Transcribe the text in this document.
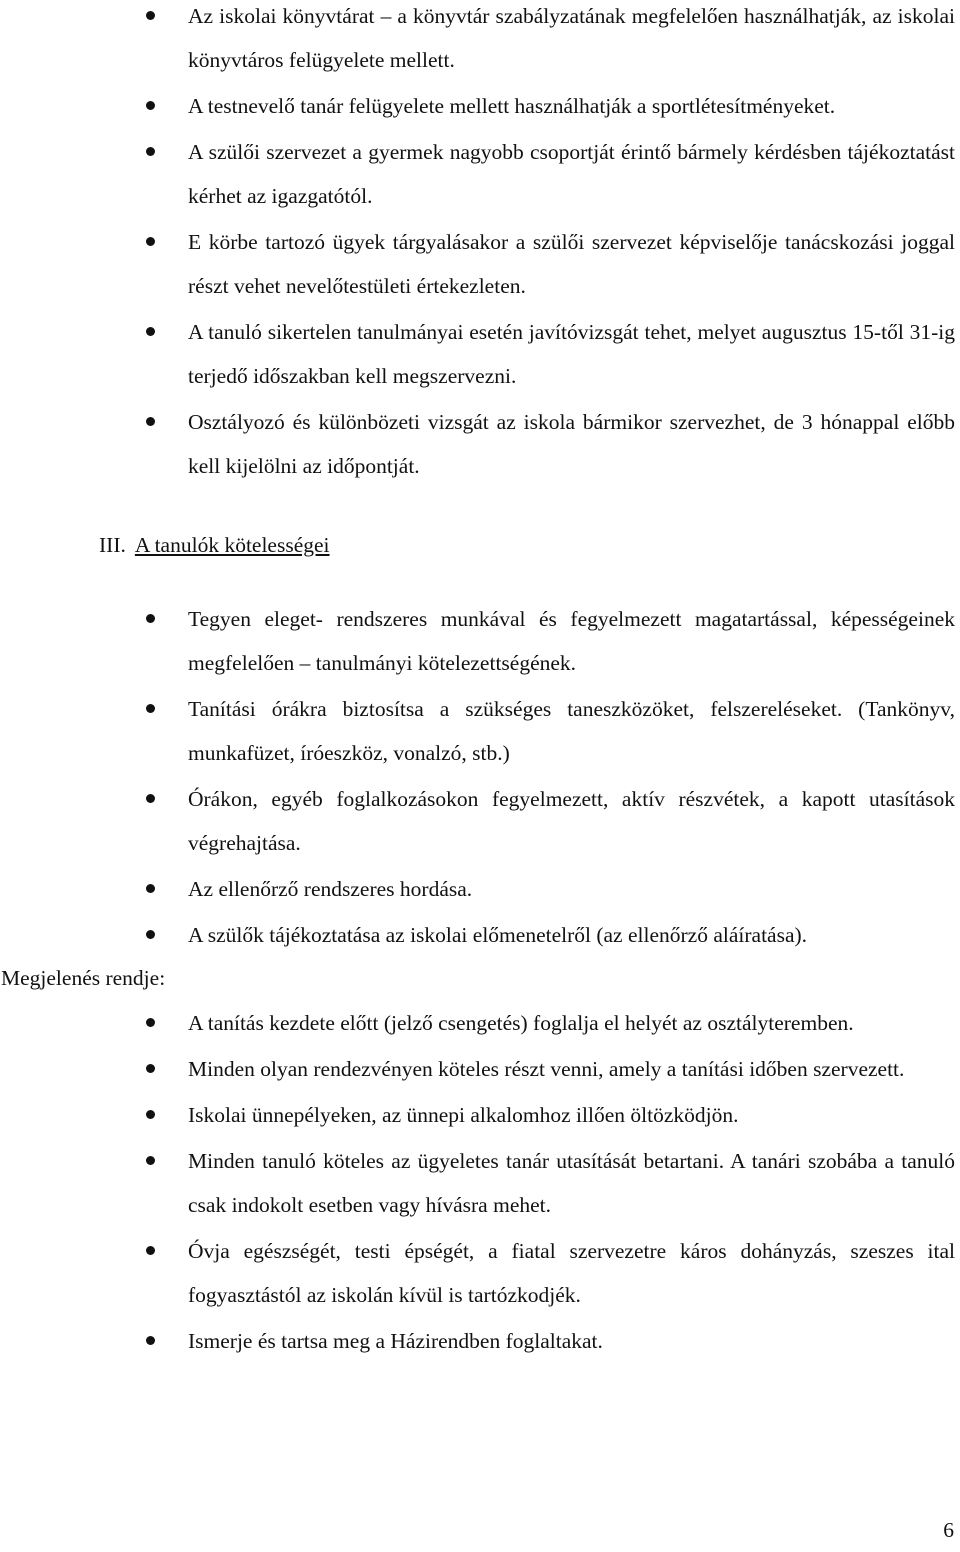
Az iskolai könyvtárat – a könyvtár szabályzatának megfelelően használhatják, az iskolai könyvtáros felügyelete mellett.
A testnevelő tanár felügyelete mellett használhatják a sportlétesítményeket.
A szülői szervezet a gyermek nagyobb csoportját érintő bármely kérdésben tájékoztatást kérhet az igazgatótól.
E körbe tartozó ügyek tárgyalásakor a szülői szervezet képviselője tanácskozási joggal részt vehet nevelőtestületi értekezleten.
A tanuló sikertelen tanulmányai esetén javítóvizsgát tehet, melyet augusztus 15-től 31-ig terjedő időszakban kell megszervezni.
Osztályozó és különbözeti vizsgát az iskola bármikor szervezhet, de 3 hónappal előbb kell kijelölni az időpontját.
III. A tanulók kötelességei
Tegyen eleget- rendszeres munkával és fegyelmezett magatartással, képességeinek megfelelően – tanulmányi kötelezettségének.
Tanítási órákra biztosítsa a szükséges taneszközöket, felszereléseket. (Tankönyv, munkafüzet, íróeszköz, vonalzó, stb.)
Órákon, egyéb foglalkozásokon fegyelmezett, aktív részvétek, a kapott utasítások végrehajtása.
Az ellenőrző rendszeres hordása.
A szülők tájékoztatása az iskolai előmenetelről (az ellenőrző aláíratása).
Megjelenés rendje:
A tanítás kezdete előtt (jelző csengetés) foglalja el helyét az osztályteremben.
Minden olyan rendezvényen köteles részt venni, amely a tanítási időben szervezett.
Iskolai ünnepélyeken, az ünnepi alkalomhoz illően öltözködjön.
Minden tanuló köteles az ügyeletes tanár utasítását betartani. A tanári szobába a tanuló csak indokolt esetben vagy hívásra mehet.
Óvja egészségét, testi épségét, a fiatal szervezetre káros dohányzás, szeszes ital fogyasztástól az iskolán kívül is tartózkodjék.
Ismerje és tartsa meg a Házirendben foglaltakat.
6
